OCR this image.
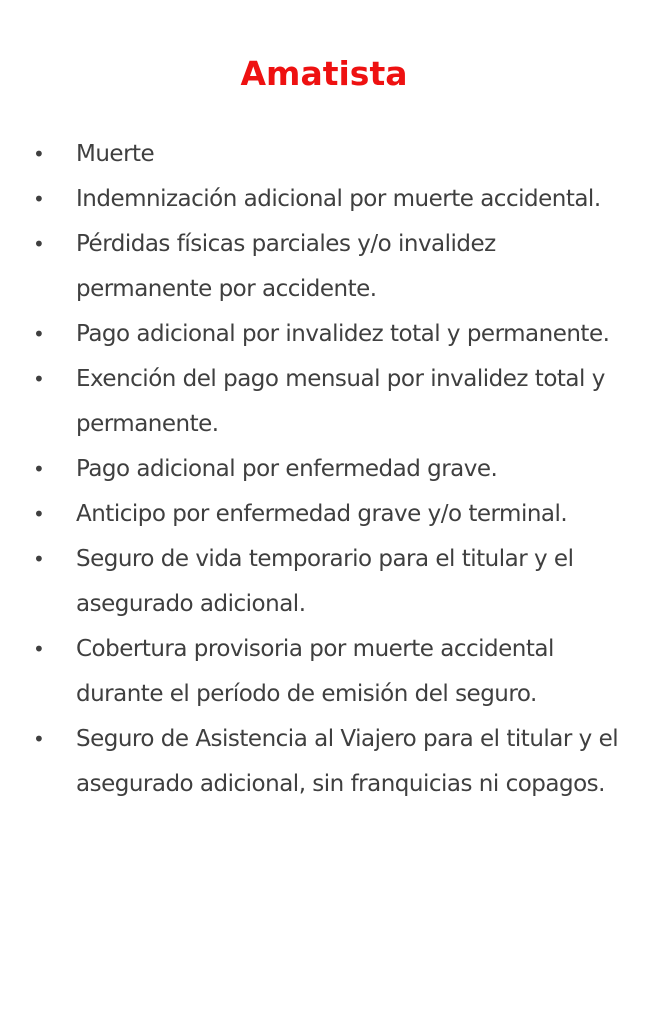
Amatista
•	Muerte
•	Indemnización adicional por muerte accidental.
•	Pérdidas físicas parciales y/o invalidez permanente por accidente.
•	Pago adicional por invalidez total y permanente.
•	Exención del pago mensual por invalidez total y permanente.
•	Pago adicional por enfermedad grave.
•	Anticipo por enfermedad grave y/o terminal.
•	Seguro de vida temporario para el titular y el asegurado adicional.
•	Cobertura provisoria por muerte accidental durante el período de emisión del seguro.
•	Seguro de Asistencia al Viajero para el titular y el asegurado adicional, sin franquicias ni copagos.
